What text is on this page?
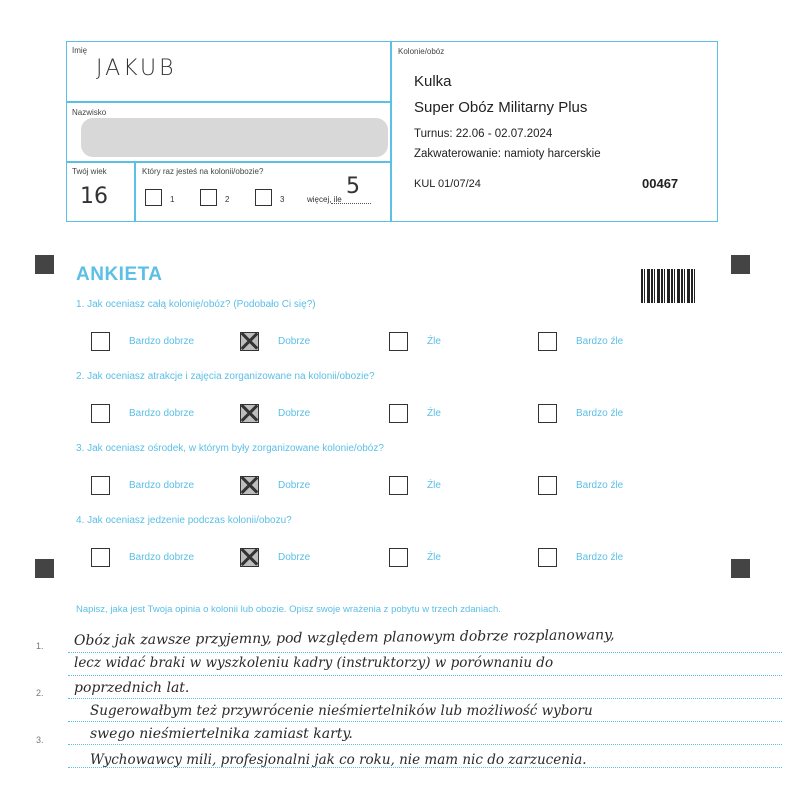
Imię
JAKUB
Nazwisko
Twój wiek
16
Który raz jesteś na kolonii/obozie?
1	2	3	więcej, ile
5
Kolonie/obóz
Kulka
Super Obóz Militarny Plus
Turnus: 22.06 - 02.07.2024
Zakwaterowanie: namioty harcerskie
KUL 01/07/24	00467
ANKIETA
1. Jak oceniasz całą kolonię/obóz? (Podobało Ci się?)
Bardzo dobrze	Dobrze	Źle	Bardzo źle
2. Jak oceniasz atrakcje i zajęcia zorganizowane na kolonii/obozie?
Bardzo dobrze	Dobrze	Źle	Bardzo źle
3. Jak oceniasz ośrodek, w którym były zorganizowane kolonie/obóz?
Bardzo dobrze	Dobrze	Źle	Bardzo źle
4. Jak oceniasz jedzenie podczas kolonii/obozu?
Bardzo dobrze	Dobrze	Źle	Bardzo źle
Napisz, jaka jest Twoja opinia o kolonii lub obozie. Opisz swoje wrażenia z pobytu w trzech zdaniach.
1.
2.
3.
Obóz jak zawsze przyjemny, pod względem planowym dobrze rozplanowany,
lecz widać braki w wyszkoleniu kadry (instruktorzy) w porównaniu do
poprzednich lat.
Sugerowałbym też przywrócenie nieśmiertelników lub możliwość wyboru
swego nieśmiertelnika zamiast karty.
Wychowawcy mili, profesjonalni jak co roku, nie mam nic do zarzucenia.
